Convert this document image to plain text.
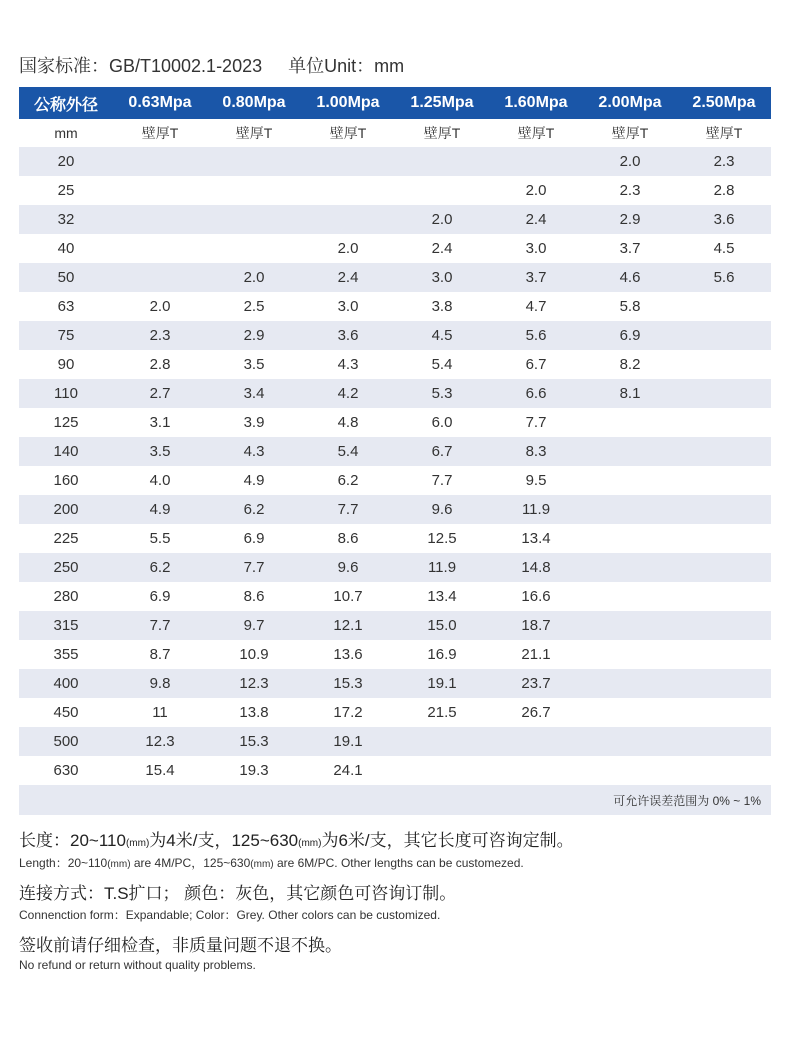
国家标准：GB/T10002.1-2023 单位Unit：mm
公称外径	0.63Mpa	0.80Mpa	1.00Mpa	1.25Mpa	1.60Mpa	2.00Mpa	2.50Mpa
mm	壁厚T	壁厚T	壁厚T	壁厚T	壁厚T	壁厚T	壁厚T
20						2.0	2.3
25					2.0	2.3	2.8
32				2.0	2.4	2.9	3.6
40			2.0	2.4	3.0	3.7	4.5
50		2.0	2.4	3.0	3.7	4.6	5.6
63	2.0	2.5	3.0	3.8	4.7	5.8	
75	2.3	2.9	3.6	4.5	5.6	6.9	
90	2.8	3.5	4.3	5.4	6.7	8.2	
110	2.7	3.4	4.2	5.3	6.6	8.1	
125	3.1	3.9	4.8	6.0	7.7		
140	3.5	4.3	5.4	6.7	8.3		
160	4.0	4.9	6.2	7.7	9.5		
200	4.9	6.2	7.7	9.6	11.9		
225	5.5	6.9	8.6	12.5	13.4		
250	6.2	7.7	9.6	11.9	14.8		
280	6.9	8.6	10.7	13.4	16.6		
315	7.7	9.7	12.1	15.0	18.7		
355	8.7	10.9	13.6	16.9	21.1		
400	9.8	12.3	15.3	19.1	23.7		
450	11	13.8	17.2	21.5	26.7		
500	12.3	15.3	19.1				
630	15.4	19.3	24.1				
可允许误差范围为 0% ~ 1%							
长度：20~110(mm)为4米/支，125~630(mm)为6米/支，其它长度可咨询定制。
Length：20~110(mm) are 4M/PC，125~630(mm) are 6M/PC. Other lengths can be customezed.
连接方式：T.S扩口； 颜色：灰色，其它颜色可咨询订制。
Connenction form：Expandable; Color：Grey. Other colors can be customized.
签收前请仔细检查，非质量问题不退不换。
No refund or return without quality problems.
